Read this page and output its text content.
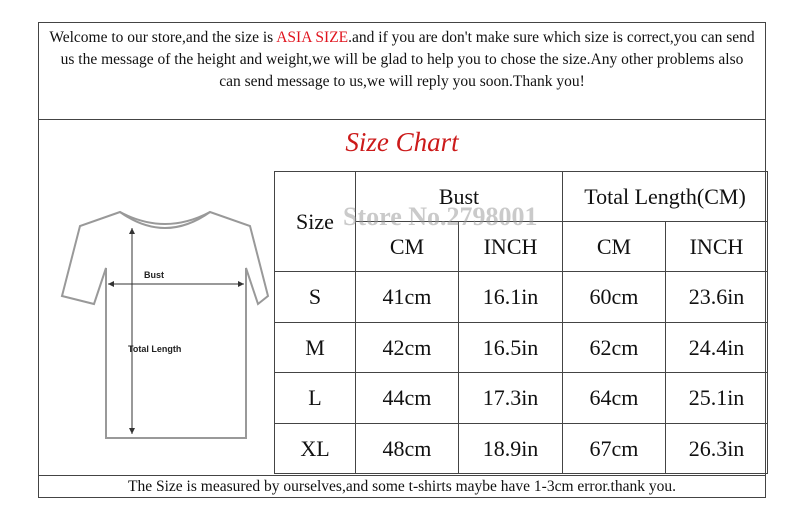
Welcome to our store,and the size is ASIA SIZE.and if you are don't make sure which size is correct,you can send us the message of the height and weight,we will be glad to help you to chose the size.Any other problems also can send message to us,we will reply you soon.Thank you!
Size Chart
The Size is measured by ourselves,and some t-shirts maybe have 1-3cm error.thank you.
Bust
Total Length
Size	Bust		Total Length(CM)	
	CM	INCH	CM	INCH
S	41cm	16.1in	60cm	23.6in
M	42cm	16.5in	62cm	24.4in
L	44cm	17.3in	64cm	25.1in
XL	48cm	18.9in	67cm	26.3in
Store No.2798001
